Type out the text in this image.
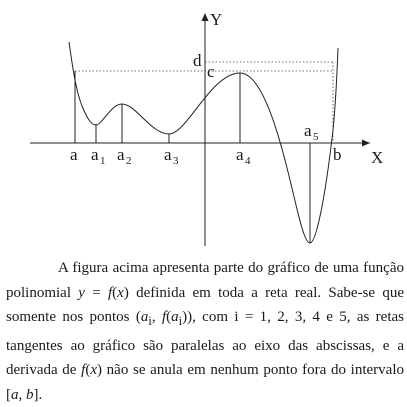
Y
X
d
c
a a 1 a 2 a 3	a 4
a 5
b

A figura acima apresenta parte do gráfico de uma função polinomial y = f(x) definida em toda a reta real. Sabe-se que somente nos pontos ($a_i$, $f(a_i)$), com i = 1, 2, 3, 4 e 5, as retas tangentes ao gráfico são paralelas ao eixo das abscissas, e a derivada de f(x) não se anula em nenhum ponto fora do intervalo [a, b].
